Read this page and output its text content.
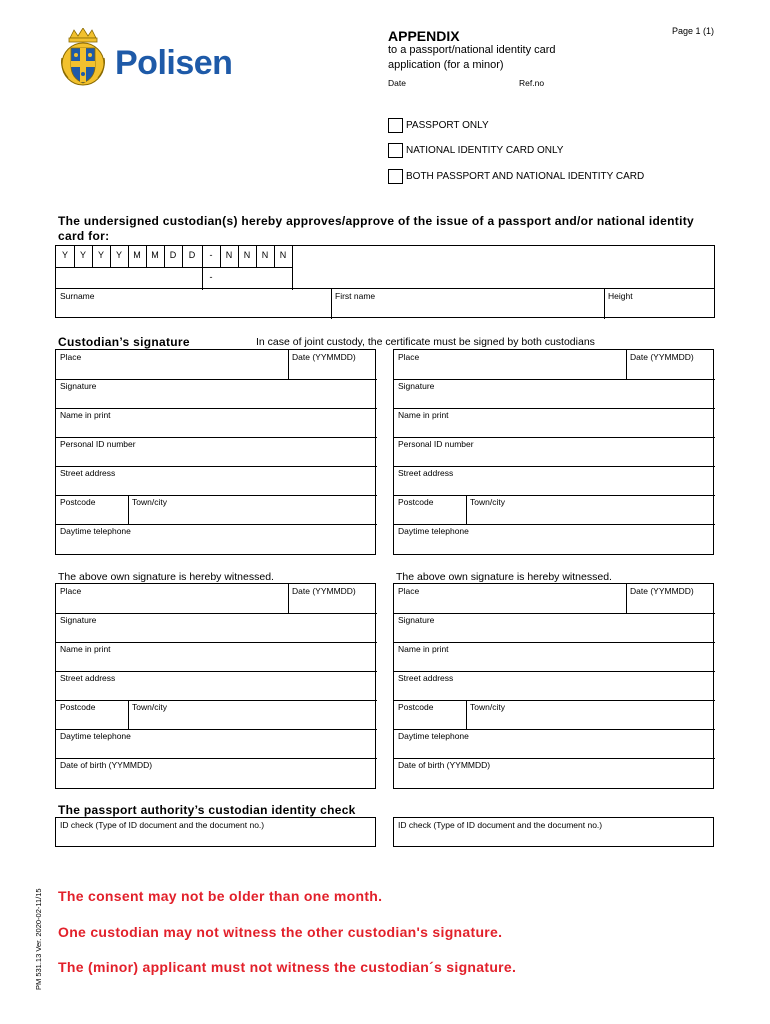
Polisen
Page 1 (1)
APPENDIX
to a passport/national identity card
application (for a minor)
Date	Ref.no
PASSPORT ONLY
NATIONAL IDENTITY CARD ONLY
BOTH PASSPORT AND NATIONAL IDENTITY CARD
The undersigned custodian(s) hereby approves/approve of the issue of a passport and/or national identity card for:
Y	Y	Y	Y	M	M	D	D	-	N	N	N	N
-
Surname	First name	Height
Custodian’s signature	In case of joint custody, the certificate must be signed by both custodians
Place	Date (YYMMDD)
Signature
Name in print
Personal ID number
Street address
Postcode	Town/city
Daytime telephone
Place	Date (YYMMDD)
Signature
Name in print
Personal ID number
Street address
Postcode	Town/city
Daytime telephone
The above own signature is hereby witnessed.	The above own signature is hereby witnessed.
Place	Date (YYMMDD)
Signature
Name in print
Street address
Postcode	Town/city
Daytime telephone
Date of birth (YYMMDD)
Place	Date (YYMMDD)
Signature
Name in print
Street address
Postcode	Town/city
Daytime telephone
Date of birth (YYMMDD)
The passport authority’s custodian identity check
ID check (Type of ID document and the document no.)	ID check (Type of ID document and the document no.)
The consent may not be older than one month.
One custodian may not witness the other custodian's signature.
The (minor) applicant must not witness the custodian´s signature.
PM 531.13 Ver. 2020-02-11/15
